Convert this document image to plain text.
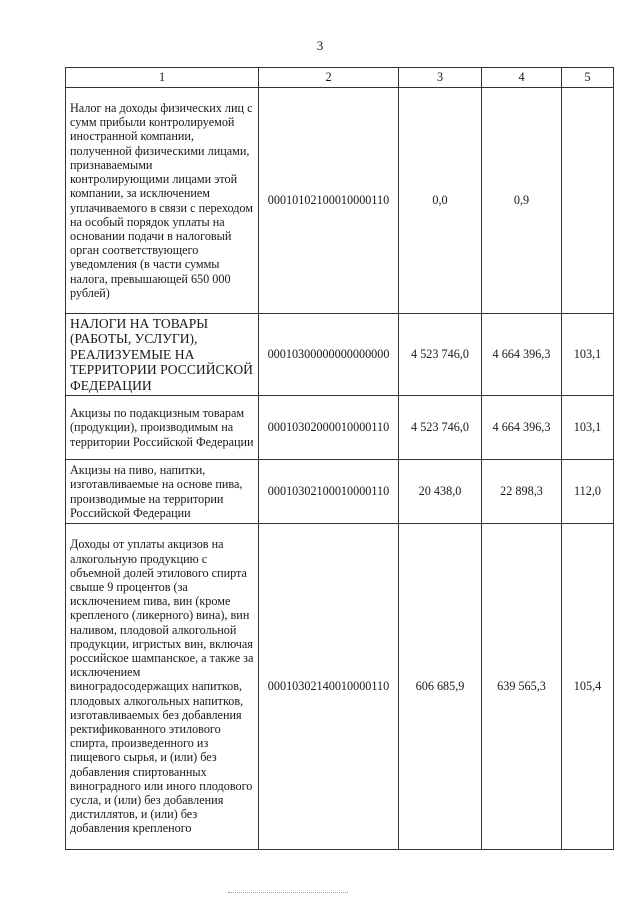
3
1	2	3	4	5
Налог на доходы физических лиц с сумм прибыли контролируемой иностранной компании, полученной физическими лицами, признаваемыми контролирующими лицами этой компании, за исключением уплачиваемого в связи с переходом на особый порядок уплаты на основании подачи в налоговый орган соответствующего уведомления (в части суммы налога, превышающей 650 000 рублей)	00010102100010000110	0,0	0,9	
НАЛОГИ НА ТОВАРЫ (РАБОТЫ, УСЛУГИ), РЕАЛИЗУЕМЫЕ НА ТЕРРИТОРИИ РОССИЙСКОЙ ФЕДЕРАЦИИ	00010300000000000000	4 523 746,0	4 664 396,3	103,1
Акцизы по подакцизным товарам (продукции), производимым на территории Российской Федерации	00010302000010000110	4 523 746,0	4 664 396,3	103,1
Акцизы на пиво, напитки, изготавливаемые на основе пива, производимые на территории Российской Федерации	00010302100010000110	20 438,0	22 898,3	112,0
Доходы от уплаты акцизов на алкогольную продукцию с объемной долей этилового спирта свыше 9 процентов (за исключением пива, вин (кроме крепленого (ликерного) вина), вин наливом, плодовой алкогольной продукции, игристых вин, включая российское шампанское, а также за исключением виноградосодержащих напитков, плодовых алкогольных напитков, изготавливаемых без добавления ректификованного этилового спирта, произведенного из пищевого сырья, и (или) без добавления спиртованных виноградного или иного плодового сусла, и (или) без добавления дистиллятов, и (или) без добавления крепленого	00010302140010000110	606 685,9	639 565,3	105,4
